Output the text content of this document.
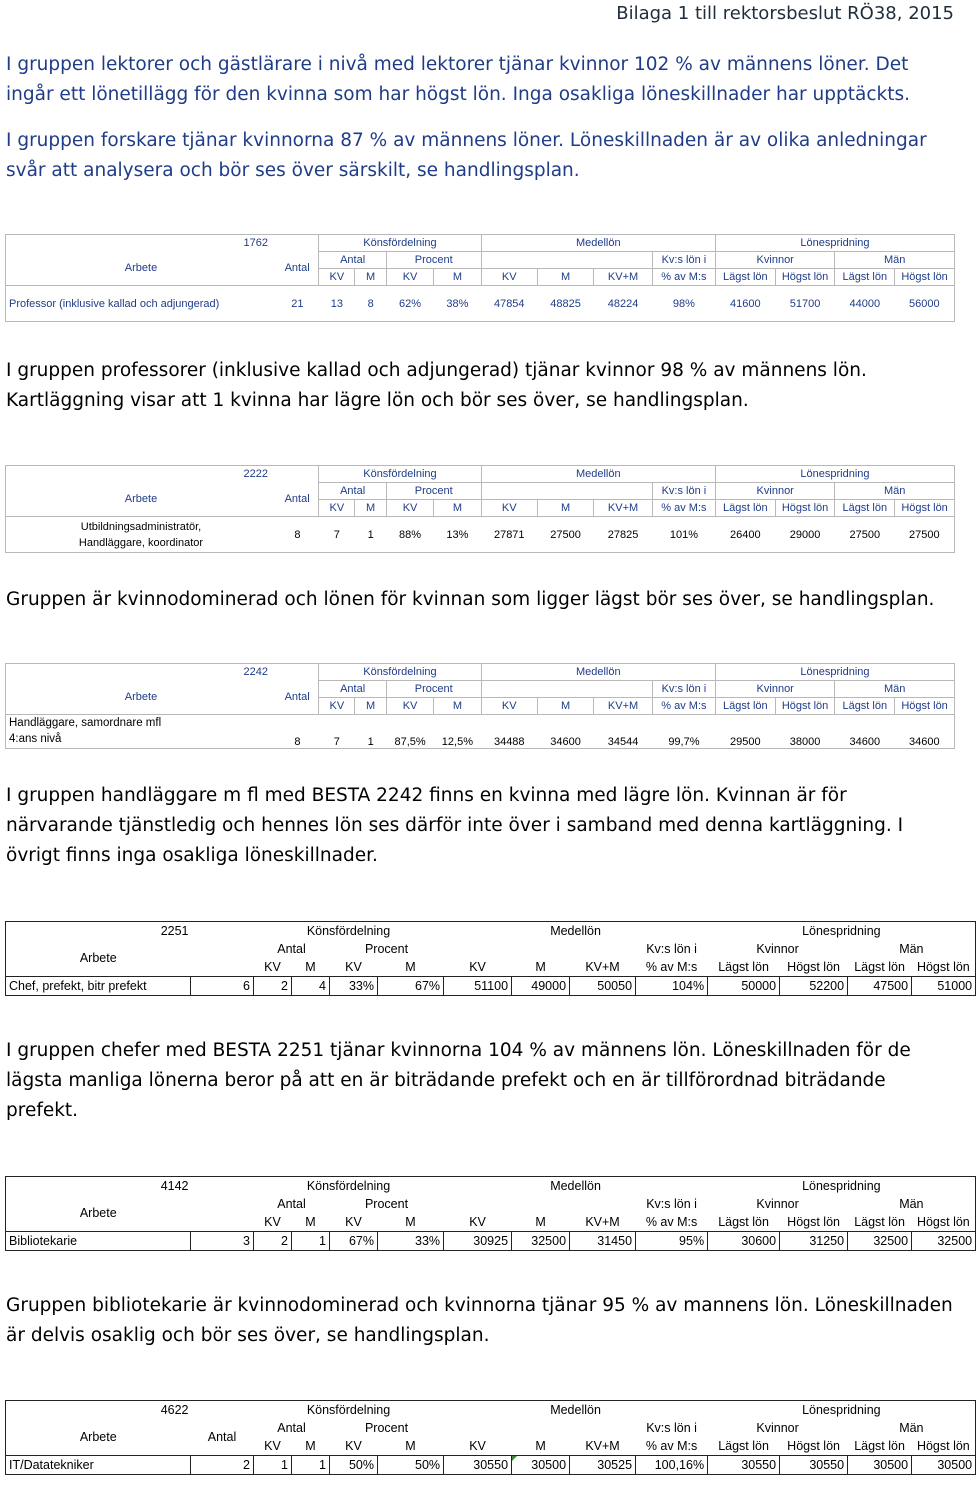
Bilaga 1 till rektorsbeslut RÖ38, 2015

I gruppen lektorer och gästlärare i nivå med lektorer tjänar kvinnor 102 % av männens löner. Det ingår ett lönetillägg för den kvinna som har högst lön. Inga osakliga löneskillnader har upptäckts.

I gruppen forskare tjänar kvinnorna 87 % av männens löner. Löneskillnaden är av olika anledningar svår att analysera och bör ses över särskilt, se handlingsplan.

1762		Könsfördelning				Medellön				Lönespridning			
Arbete	Antal	Antal		Procent					Kv:s lön i	Kvinnor		Män	
		KV	M	KV	M	KV	M	KV+M	% av M:s	Lägst lön	Högst lön	Lägst lön	Högst lön
Professor (inklusive kallad och adjungerad)	21	13	8	62%	38%	47854	48825	48224	98%	41600	51700	44000	56000

I gruppen professorer (inklusive kallad och adjungerad) tjänar kvinnor 98 % av männens lön. Kartläggning visar att 1 kvinna har lägre lön och bör ses över, se handlingsplan.

2222		Könsfördelning				Medellön				Lönespridning			
Arbete	Antal	Antal		Procent					Kv:s lön i	Kvinnor		Män	
		KV	M	KV	M	KV	M	KV+M	% av M:s	Lägst lön	Högst lön	Lägst lön	Högst lön

Utbildningsadministratör,
Handläggare, koordinator	8	7	1	88%	13%	27871	27500	27825	101%	26400	29000	27500	27500

Gruppen är kvinnodominerad och lönen för kvinnan som ligger lägst bör ses över, se handlingsplan.

2242		Könsfördelning				Medellön				Lönespridning			
Arbete	Antal	Antal		Procent					Kv:s lön i	Kvinnor		Män	
		KV	M	KV	M	KV	M	KV+M	% av M:s	Lägst lön	Högst lön	Lägst lön	Högst lön

Handläggare, samordnare mfl
4:ans nivå	8	7	1	87,5%	12,5%	34488	34600	34544	99,7%	29500	38000	34600	34600

I gruppen handläggare m fl med BESTA 2242 finns en kvinna med lägre lön. Kvinnan är för närvarande tjänstledig och hennes lön ses därför inte över i samband med denna kartläggning. I övrigt finns inga osakliga löneskillnader.

2251		Könsfördelning				Medellön				Lönespridning			
Arbete		Antal		Procent					Kv:s lön i	Kvinnor		Män	
		KV	M	KV	M	KV	M	KV+M	% av M:s	Lägst lön	Högst lön	Lägst lön	Högst lön
Chef, prefekt, bitr prefekt	6	2	4	33%	67%	51100	49000	50050	104%	50000	52200	47500	51000

I gruppen chefer med BESTA 2251 tjänar kvinnorna 104 % av männens lön. Löneskillnaden för de lägsta manliga lönerna beror på att en är biträdande prefekt och en är tillförordnad biträdande prefekt.

4142		Könsfördelning				Medellön				Lönespridning			
Arbete		Antal		Procent					Kv:s lön i	Kvinnor		Män	
		KV	M	KV	M	KV	M	KV+M	% av M:s	Lägst lön	Högst lön	Lägst lön	Högst lön
Bibliotekarie	3	2	1	67%	33%	30925	32500	31450	95%	30600	31250	32500	32500

Gruppen bibliotekarie är kvinnodominerad och kvinnorna tjänar 95 % av mannens lön. Löneskillnaden är delvis osaklig och bör ses över, se handlingsplan.

4622		Könsfördelning				Medellön				Lönespridning			
Arbete	Antal	Antal		Procent					Kv:s lön i	Kvinnor		Män	
		KV	M	KV	M	KV	M	KV+M	% av M:s	Lägst lön	Högst lön	Lägst lön	Högst lön
IT/Datatekniker	2	1	1	50%	50%	30550	30500	30525	100,16%	30550	30550	30500	30500
